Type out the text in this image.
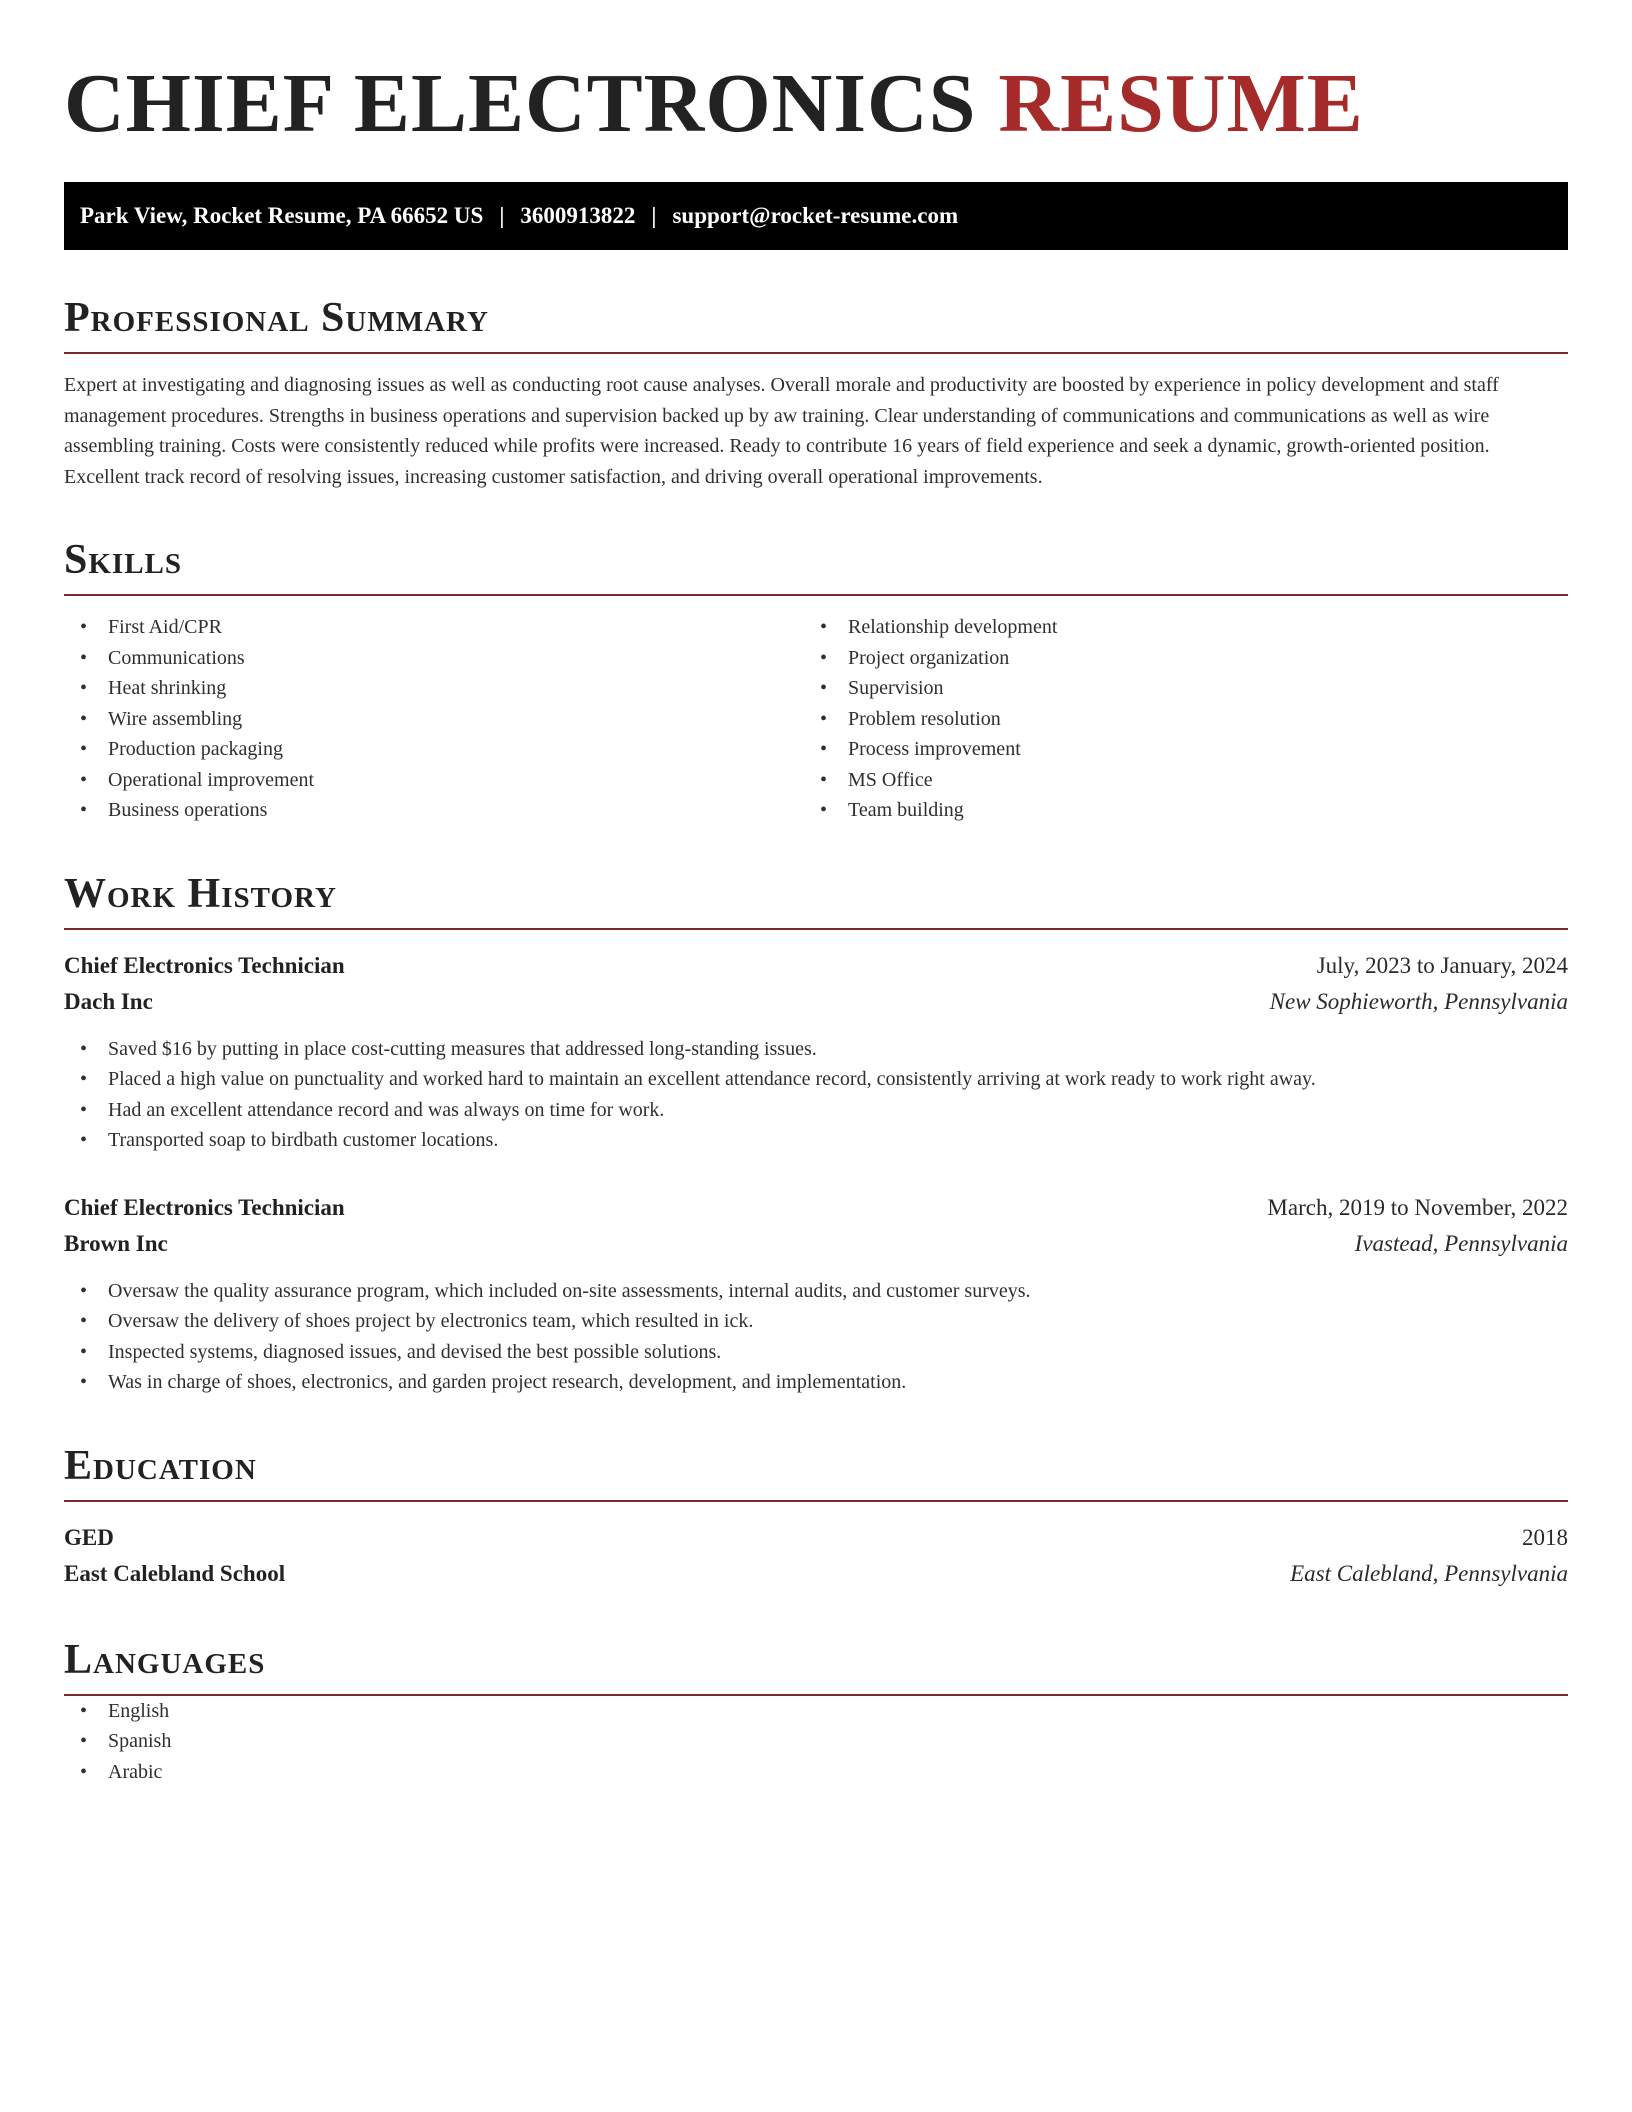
CHIEF ELECTRONICS RESUME
Park View, Rocket Resume, PA 66652 US | 3600913822 | support@rocket-resume.com
Professional Summary

Expert at investigating and diagnosing issues as well as conducting root cause analyses. Overall morale and productivity are boosted by experience in policy development and staff management procedures. Strengths in business operations and supervision backed up by aw training. Clear understanding of communications and communications as well as wire assembling training. Costs were consistently reduced while profits were increased. Ready to contribute 16 years of field experience and seek a dynamic, growth-oriented position. Excellent track record of resolving issues, increasing customer satisfaction, and driving overall operational improvements.

Skills
• First Aid/CPR
• Communications
• Heat shrinking
• Wire assembling
• Production packaging
• Operational improvement
• Business operations
• Relationship development
• Project organization
• Supervision
• Problem resolution
• Process improvement
• MS Office
• Team building
Work History
Chief Electronics Technician	July, 2023 to January, 2024
Dach Inc	New Sophieworth, Pennsylvania
• Saved $16 by putting in place cost-cutting measures that addressed long-standing issues.
• Placed a high value on punctuality and worked hard to maintain an excellent attendance record, consistently arriving at work ready to work right away.
• Had an excellent attendance record and was always on time for work.
• Transported soap to birdbath customer locations.
Chief Electronics Technician	March, 2019 to November, 2022
Brown Inc	Ivastead, Pennsylvania
• Oversaw the quality assurance program, which included on-site assessments, internal audits, and customer surveys.
• Oversaw the delivery of shoes project by electronics team, which resulted in ick.
• Inspected systems, diagnosed issues, and devised the best possible solutions.
• Was in charge of shoes, electronics, and garden project research, development, and implementation.
Education
GED	2018
East Calebland School	East Calebland, Pennsylvania
Languages
• English
• Spanish
• Arabic
